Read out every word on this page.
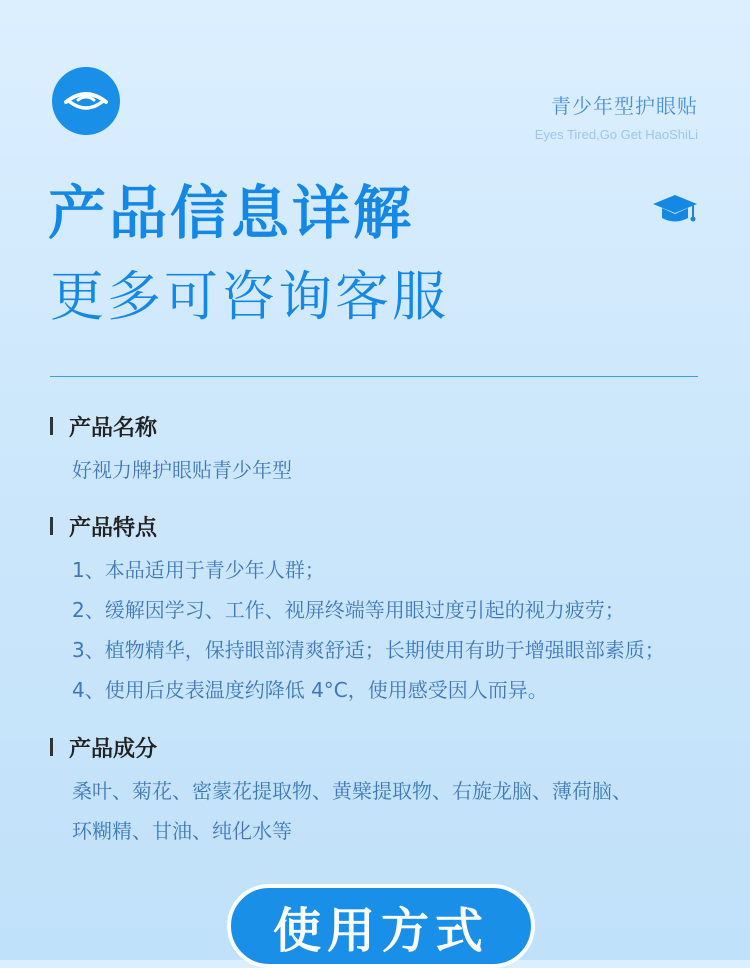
青少年型护眼贴
Eyes Tired,Go Get HaoShiLi
产品信息详解
更多可咨询客服
产品名称
好视力牌护眼贴青少年型
产品特点
1、本品适用于青少年人群；
2、缓解因学习、工作、视屏终端等用眼过度引起的视力疲劳；
3、植物精华，保持眼部清爽舒适；长期使用有助于增强眼部素质；
4、使用后皮表温度约降低 4°C，使用感受因人而异。
产品成分
桑叶、菊花、密蒙花提取物、黄檗提取物、右旋龙脑、薄荷脑、
环糊精、甘油、纯化水等
使用方式
